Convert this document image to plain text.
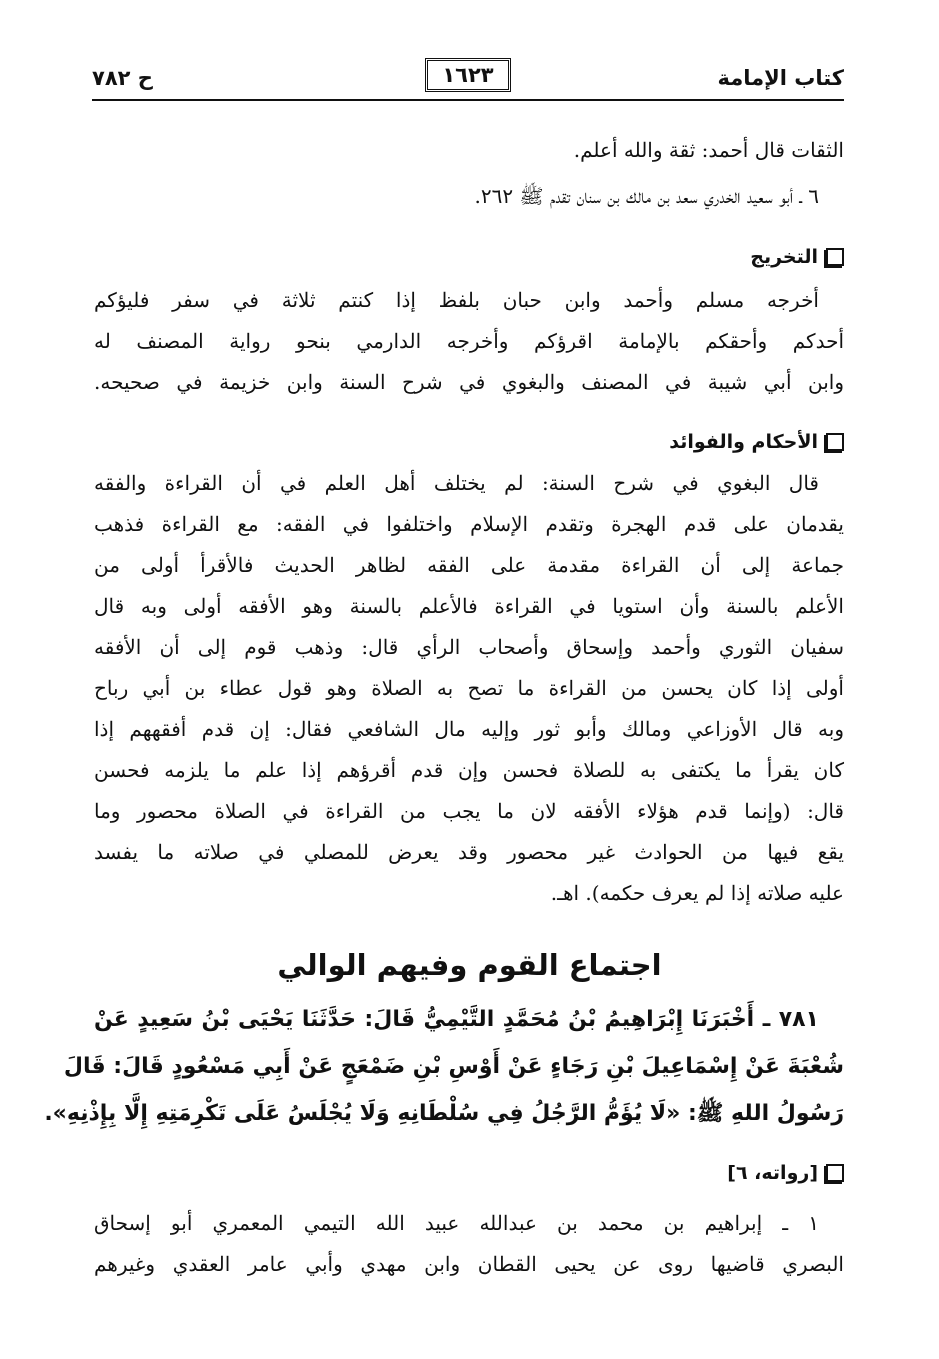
كتاب الإمامة
١٦٢٣
ح ٧٨٢
الثقات قال أحمد: ثقة والله أعلم.
٦ ـ أبو سعيد الخدري سعد بن مالك بن سنان تقدم ﷺ ٢٦٢.
التخريج
أخرجه مسلم وأحمد وابن حبان بلفظ إذا كنتم ثلاثة في سفر فليؤكم
أحدكم وأحقكم بالإمامة اقرؤكم وأخرجه الدارمي بنحو رواية المصنف له
وابن أبي شيبة في المصنف والبغوي في شرح السنة وابن خزيمة في صحيحه.
الأحكام والفوائد
قال البغوي في شرح السنة: لم يختلف أهل العلم في أن القراءة والفقه
يقدمان على قدم الهجرة وتقدم الإسلام واختلفوا في الفقه: مع القراءة فذهب
جماعة إلى أن القراءة مقدمة على الفقه لظاهر الحديث فالأقرأ أولى من
الأعلم بالسنة وأن استويا في القراءة فالأعلم بالسنة وهو الأفقه أولى وبه قال
سفيان الثوري وأحمد وإسحاق وأصحاب الرأي قال: وذهب قوم إلى أن الأفقه
أولى إذا كان يحسن من القراءة ما تصح به الصلاة وهو قول عطاء بن أبي رباح
وبه قال الأوزاعي ومالك وأبو ثور وإليه مال الشافعي فقال: إن قدم أفقههم إذا
كان يقرأ ما يكتفى به للصلاة فحسن وإن قدم أقرؤهم إذا علم ما يلزمه فحسن
قال: (وإنما قدم هؤلاء الأفقه لان ما يجب من القراءة في الصلاة محصور وما
يقع فيها من الحوادث غير محصور وقد يعرض للمصلي في صلاته ما يفسد
عليه صلاته إذا لم يعرف حكمه). اهـ.
اجتماع القوم وفيهم الوالي
٧٨١ ـ أَخْبَرَنَا إِبْرَاهِيمُ بْنُ مُحَمَّدٍ التَّيْمِيُّ قَالَ: حَدَّثَنَا يَحْيَى بْنُ سَعِيدٍ عَنْ
شُعْبَةَ عَنْ إِسْمَاعِيلَ بْنِ رَجَاءٍ عَنْ أَوْسِ بْنِ ضَمْعَجٍ عَنْ أَبِي مَسْعُودٍ قَالَ: قَالَ
رَسُولُ اللهِ ﷺ: «لَا يُؤَمُّ الرَّجُلُ فِي سُلْطَانِهِ وَلَا يُجْلَسُ عَلَى تَكْرِمَتِهِ إِلَّا بِإِذْنِهِ».
[رواته، ٦]
١ ـ إبراهيم بن محمد بن عبدالله عبيد الله التيمي المعمري أبو إسحاق
البصري قاضيها روى عن يحيى القطان وابن مهدي وأبي عامر العقدي وغيرهم
